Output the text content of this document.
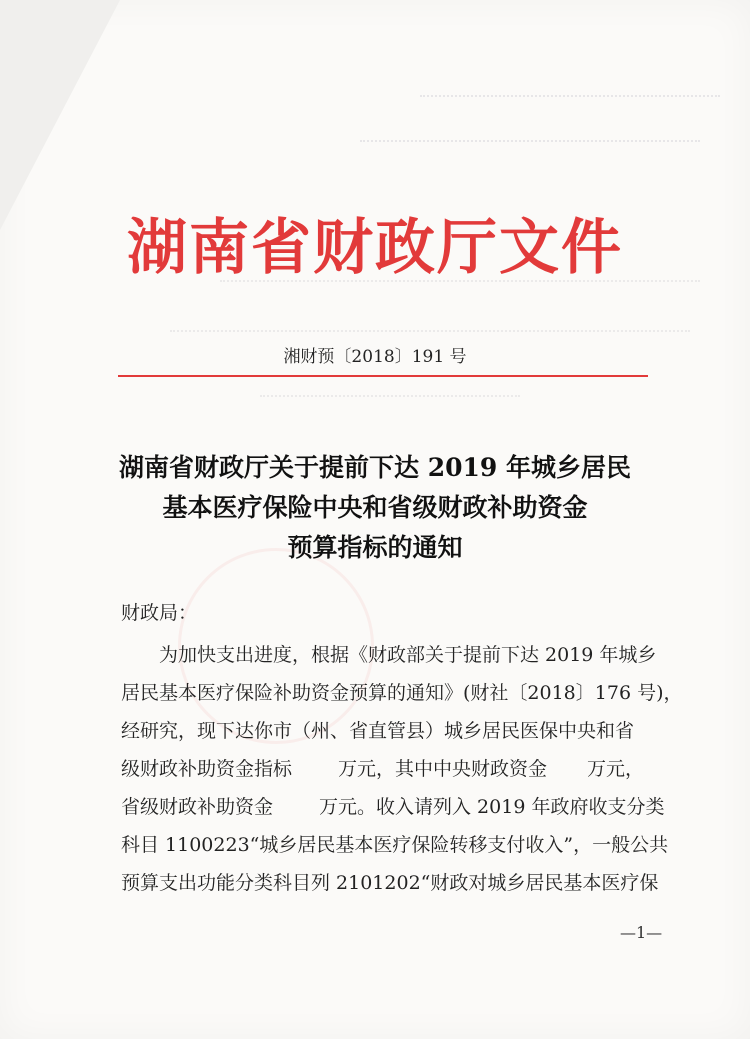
湖南省财政厅文件
湘财预〔2018〕191 号
湖南省财政厅关于提前下达 2019 年城乡居民
基本医疗保险中央和省级财政补助资金
预算指标的通知
财政局：
为加快支出进度，根据《财政部关于提前下达 2019 年城乡
居民基本医疗保险补助资金预算的通知》(财社〔2018〕176 号)，
经研究，现下达你市（州、省直管县）城乡居民医保中央和省
级财政补助资金指标 万元，其中中央财政资金 万元，
省级财政补助资金 万元。收入请列入 2019 年政府收支分类
科目 1100223“城乡居民基本医疗保险转移支付收入”，一般公共
预算支出功能分类科目列 2101202“财政对城乡居民基本医疗保
—1—
